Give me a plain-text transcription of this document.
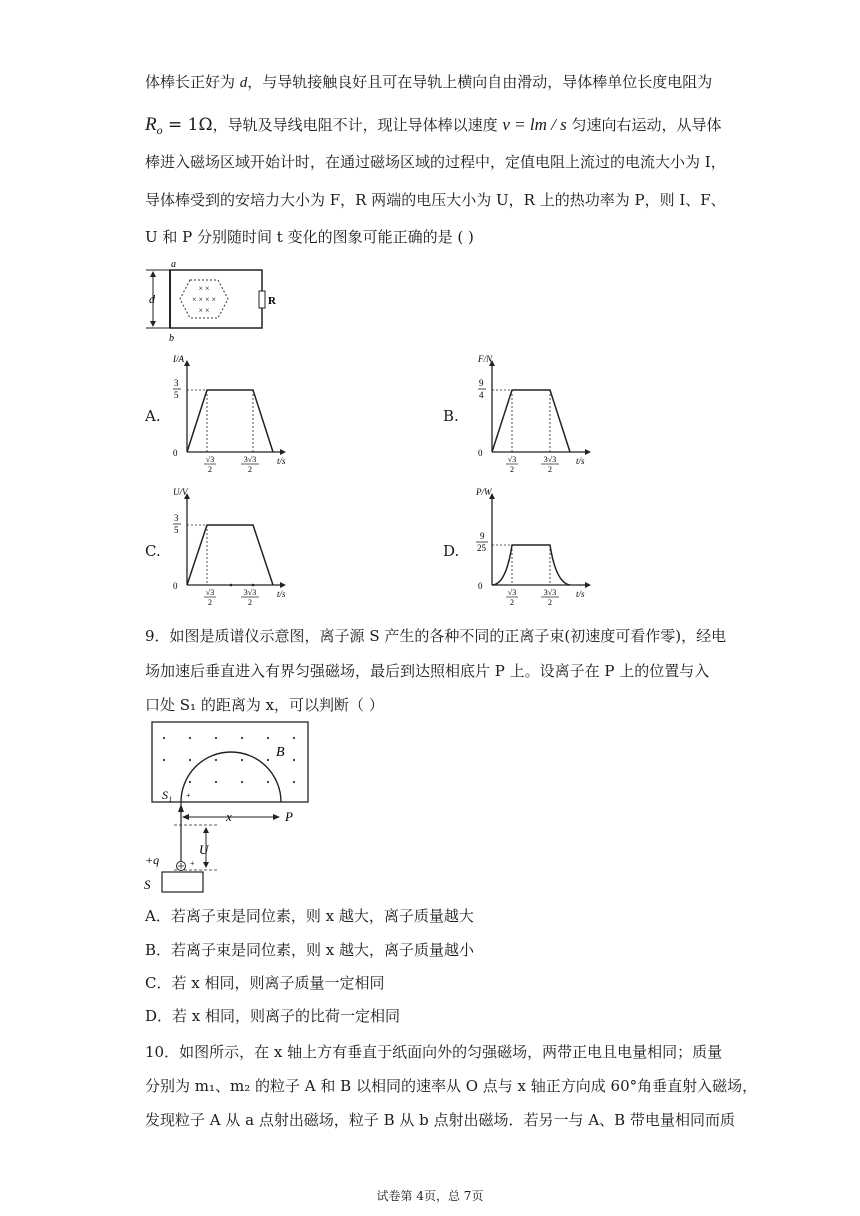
体棒长正好为 d，与导轨接触良好且可在导轨上横向自由滑动，导体棒单位长度电阻为
$R_o = 1\Omega$，导轨及导线电阻不计，现让导体棒以速度 v = lm / s 匀速向右运动，从导体
棒进入磁场区域开始计时，在通过磁场区域的过程中，定值电阻上流过的电流大小为 I，
导体棒受到的安培力大小为 F，R 两端的电压大小为 U，R 上的热功率为 P，则 I、F、
U 和 P 分别随时间 t 变化的图象可能正确的是 ( )
d
a
b
× ×
× × × ×
× ×
R
A.	B.
C.	D.
I/A
3
5
0
√3
2
3√3
2
t/s
F/N
9
4
0
√3
2
3√3
2
t/s
U/V
3
5
0
√3
2
3√3
2
t/s
P/W
9
25
0
√3
2
3√3
2
t/s
9．如图是质谱仪示意图，离子源 S 产生的各种不同的正离子束(初速度可看作零)，经电
场加速后垂直进入有界匀强磁场，最后到达照相底片 P 上。设离子在 P 上的位置与入
口处 S₁ 的距离为 x，可以判断（ ）
B
S₁ +
x	P
U
+q	+
S
A．若离子束是同位素，则 x 越大，离子质量越大
B．若离子束是同位素，则 x 越大，离子质量越小
C．若 x 相同，则离子质量一定相同
D．若 x 相同，则离子的比荷一定相同
10．如图所示，在 x 轴上方有垂直于纸面向外的匀强磁场，两带正电且电量相同；质量
分别为 m₁、m₂ 的粒子 A 和 B 以相同的速率从 O 点与 x 轴正方向成 60°角垂直射入磁场，
发现粒子 A 从 a 点射出磁场，粒子 B 从 b 点射出磁场．若另一与 A、B 带电量相同而质
试卷第 4页，总 7页
